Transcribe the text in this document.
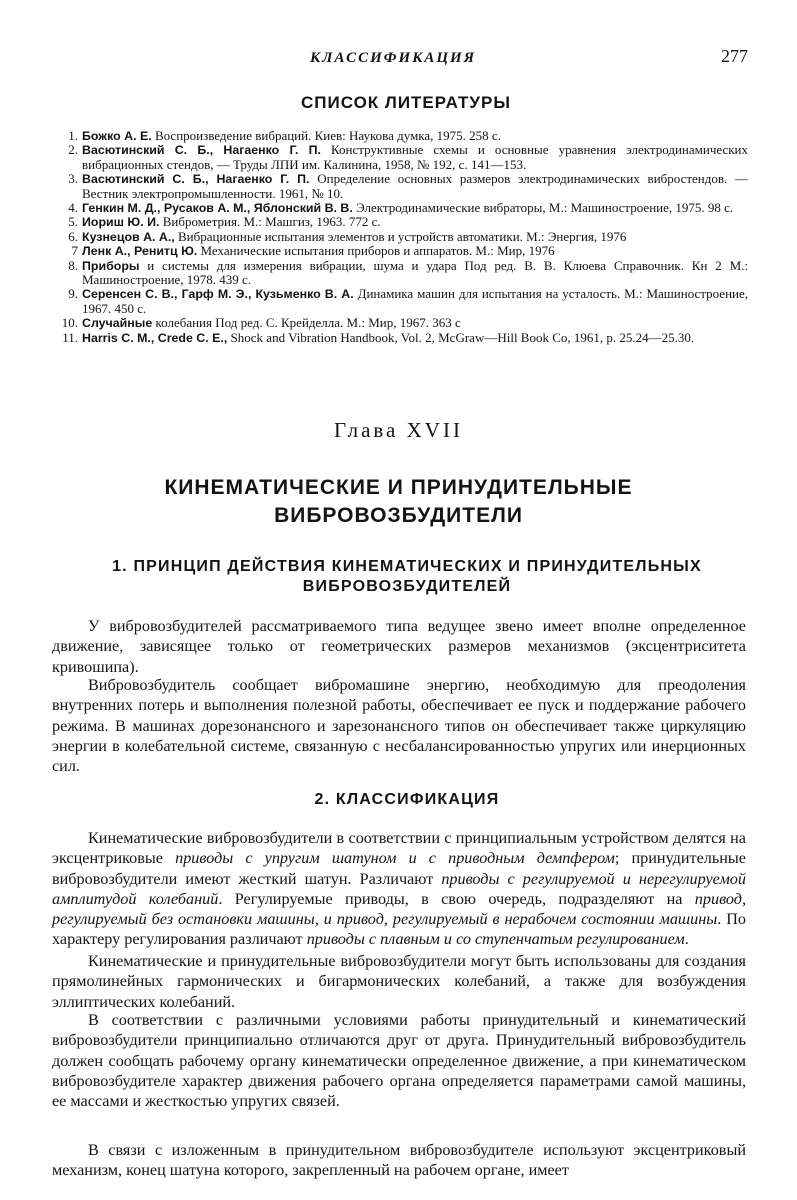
КЛАССИФИКАЦИЯ	277
СПИСОК ЛИТЕРАТУРЫ
1. Божко А. Е. Воспроизведение вибраций. Киев: Наукова думка, 1975. 258 с.
2. Васютинский С. Б., Нагаенко Г. П. Конструктивные схемы и основные уравнения электродинамических вибрационных стендов, — Труды ЛПИ им. Калинина, 1958, № 192, с. 141—153.
3. Васютинский С. Б., Нагаенко Г. П. Определение основных размеров электродинамических вибростендов. — Вестник электропромышленности. 1961, № 10.
4. Генкин М. Д., Русаков А. М., Яблонский В. В. Электродинамические вибраторы, М.: Машиностроение, 1975. 98 с.
5. Иориш Ю. И. Виброметрия. М.: Машгиз, 1963. 772 с.
6. Кузнецов А. А., Вибрационные испытания элементов и устройств автоматики. М.: Энергия, 1976
7 Ленк А., Ренитц Ю. Механические испытания приборов и аппаратов. М.: Мир, 1976
8. Приборы и системы для измерения вибрации, шума и удара Под ред. В. В. Клюева Справочник. Кн 2 М.: Машиностроение, 1978. 439 с.
9. Серенсен С. В., Гарф М. Э., Кузьменко В. А. Динамика машин для испытания на усталость. М.: Машиностроение, 1967. 450 с.
10. Случайные колебания Под ред. С. Крейделла. М.: Мир, 1967. 363 с
11. Harris C. M., Crede C. E., Shock and Vibration Handbook, Vol. 2, McGraw—Hill Book Co, 1961, p. 25.24—25.30.
Глава XVII
КИНЕМАТИЧЕСКИЕ И ПРИНУДИТЕЛЬНЫЕ
ВИБРОВОЗБУДИТЕЛИ
1. ПРИНЦИП ДЕЙСТВИЯ КИНЕМАТИЧЕСКИХ И ПРИНУДИТЕЛЬНЫХ
ВИБРОВОЗБУДИТЕЛЕЙ

У вибровозбудителей рассматриваемого типа ведущее звено имеет вполне определенное движение, зависящее только от геометрических размеров механизмов (эксцентриситета кривошипа).

Вибровозбудитель сообщает вибромашине энергию, необходимую для преодоления внутренних потерь и выполнения полезной работы, обеспечивает ее пуск и поддержание рабочего режима. В машинах дорезонансного и зарезонансного типов он обеспечивает также циркуляцию энергии в колебательной системе, связанную с несбалансированностью упругих или инерционных сил.

2. КЛАССИФИКАЦИЯ

Кинематические вибровозбудители в соответствии с принципиальным устройством делятся на эксцентриковые приводы с упругим шатуном и с приводным демпфером; принудительные вибровозбудители имеют жесткий шатун. Различают приводы с регулируемой и нерегулируемой амплитудой колебаний. Регулируемые приводы, в свою очередь, подразделяют на привод, регулируемый без остановки машины, и привод, регулируемый в нерабочем состоянии машины. По характеру регулирования различают приводы с плавным и со ступенчатым регулированием.

Кинематические и принудительные вибровозбудители могут быть использованы для создания прямолинейных гармонических и бигармонических колебаний, а также для возбуждения эллиптических колебаний.

В соответствии с различными условиями работы принудительный и кинематический вибровозбудители принципиально отличаются друг от друга. Принудительный вибровозбудитель должен сообщать рабочему органу кинематически определенное движение, а при кинематическом вибровозбудителе характер движения рабочего органа определяется параметрами самой машины, ее массами и жесткостью упругих связей.

В связи с изложенным в принудительном вибровозбудителе используют эксцентриковый механизм, конец шатуна которого, закрепленный на рабочем органе, имеет
